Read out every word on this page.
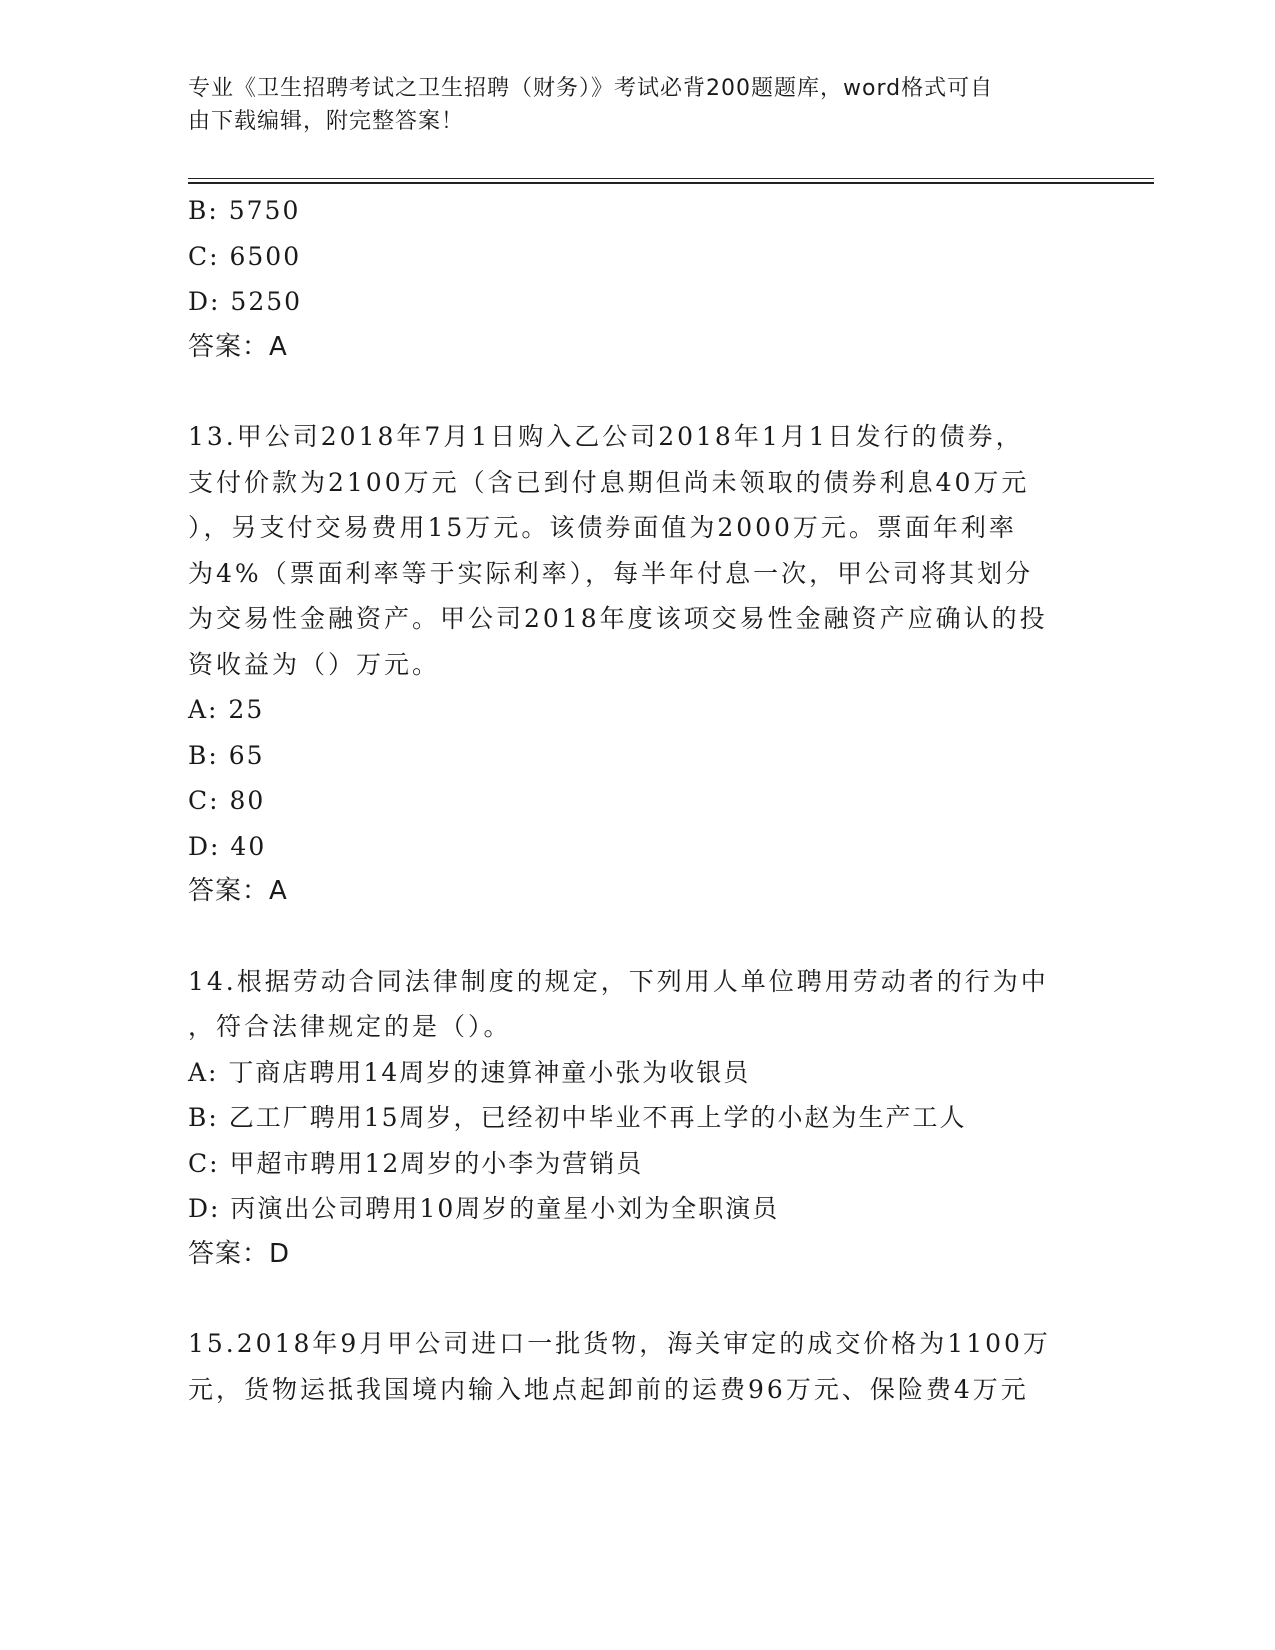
专业《卫生招聘考试之卫生招聘（财务）》考试必背200题题库，word格式可自
由下载编辑，附完整答案！
B: 5750
C: 6500
D: 5250
答案：A
13.甲公司2018年7月1日购入乙公司2018年1月1日发行的债券，
支付价款为2100万元（含已到付息期但尚未领取的债券利息40万元
），另支付交易费用15万元。该债券面值为2000万元。票面年利率
为4%（票面利率等于实际利率），每半年付息一次，甲公司将其划分
为交易性金融资产。甲公司2018年度该项交易性金融资产应确认的投
资收益为（）万元。
A: 25
B: 65
C: 80
D: 40
答案：A
14.根据劳动合同法律制度的规定，下列用人单位聘用劳动者的行为中
，符合法律规定的是（）。
A: 丁商店聘用14周岁的速算神童小张为收银员
B: 乙工厂聘用15周岁，已经初中毕业不再上学的小赵为生产工人
C: 甲超市聘用12周岁的小李为营销员
D: 丙演出公司聘用10周岁的童星小刘为全职演员
答案：D
15.2018年9月甲公司进口一批货物，海关审定的成交价格为1100万
元，货物运抵我国境内输入地点起卸前的运费96万元、保险费4万元
